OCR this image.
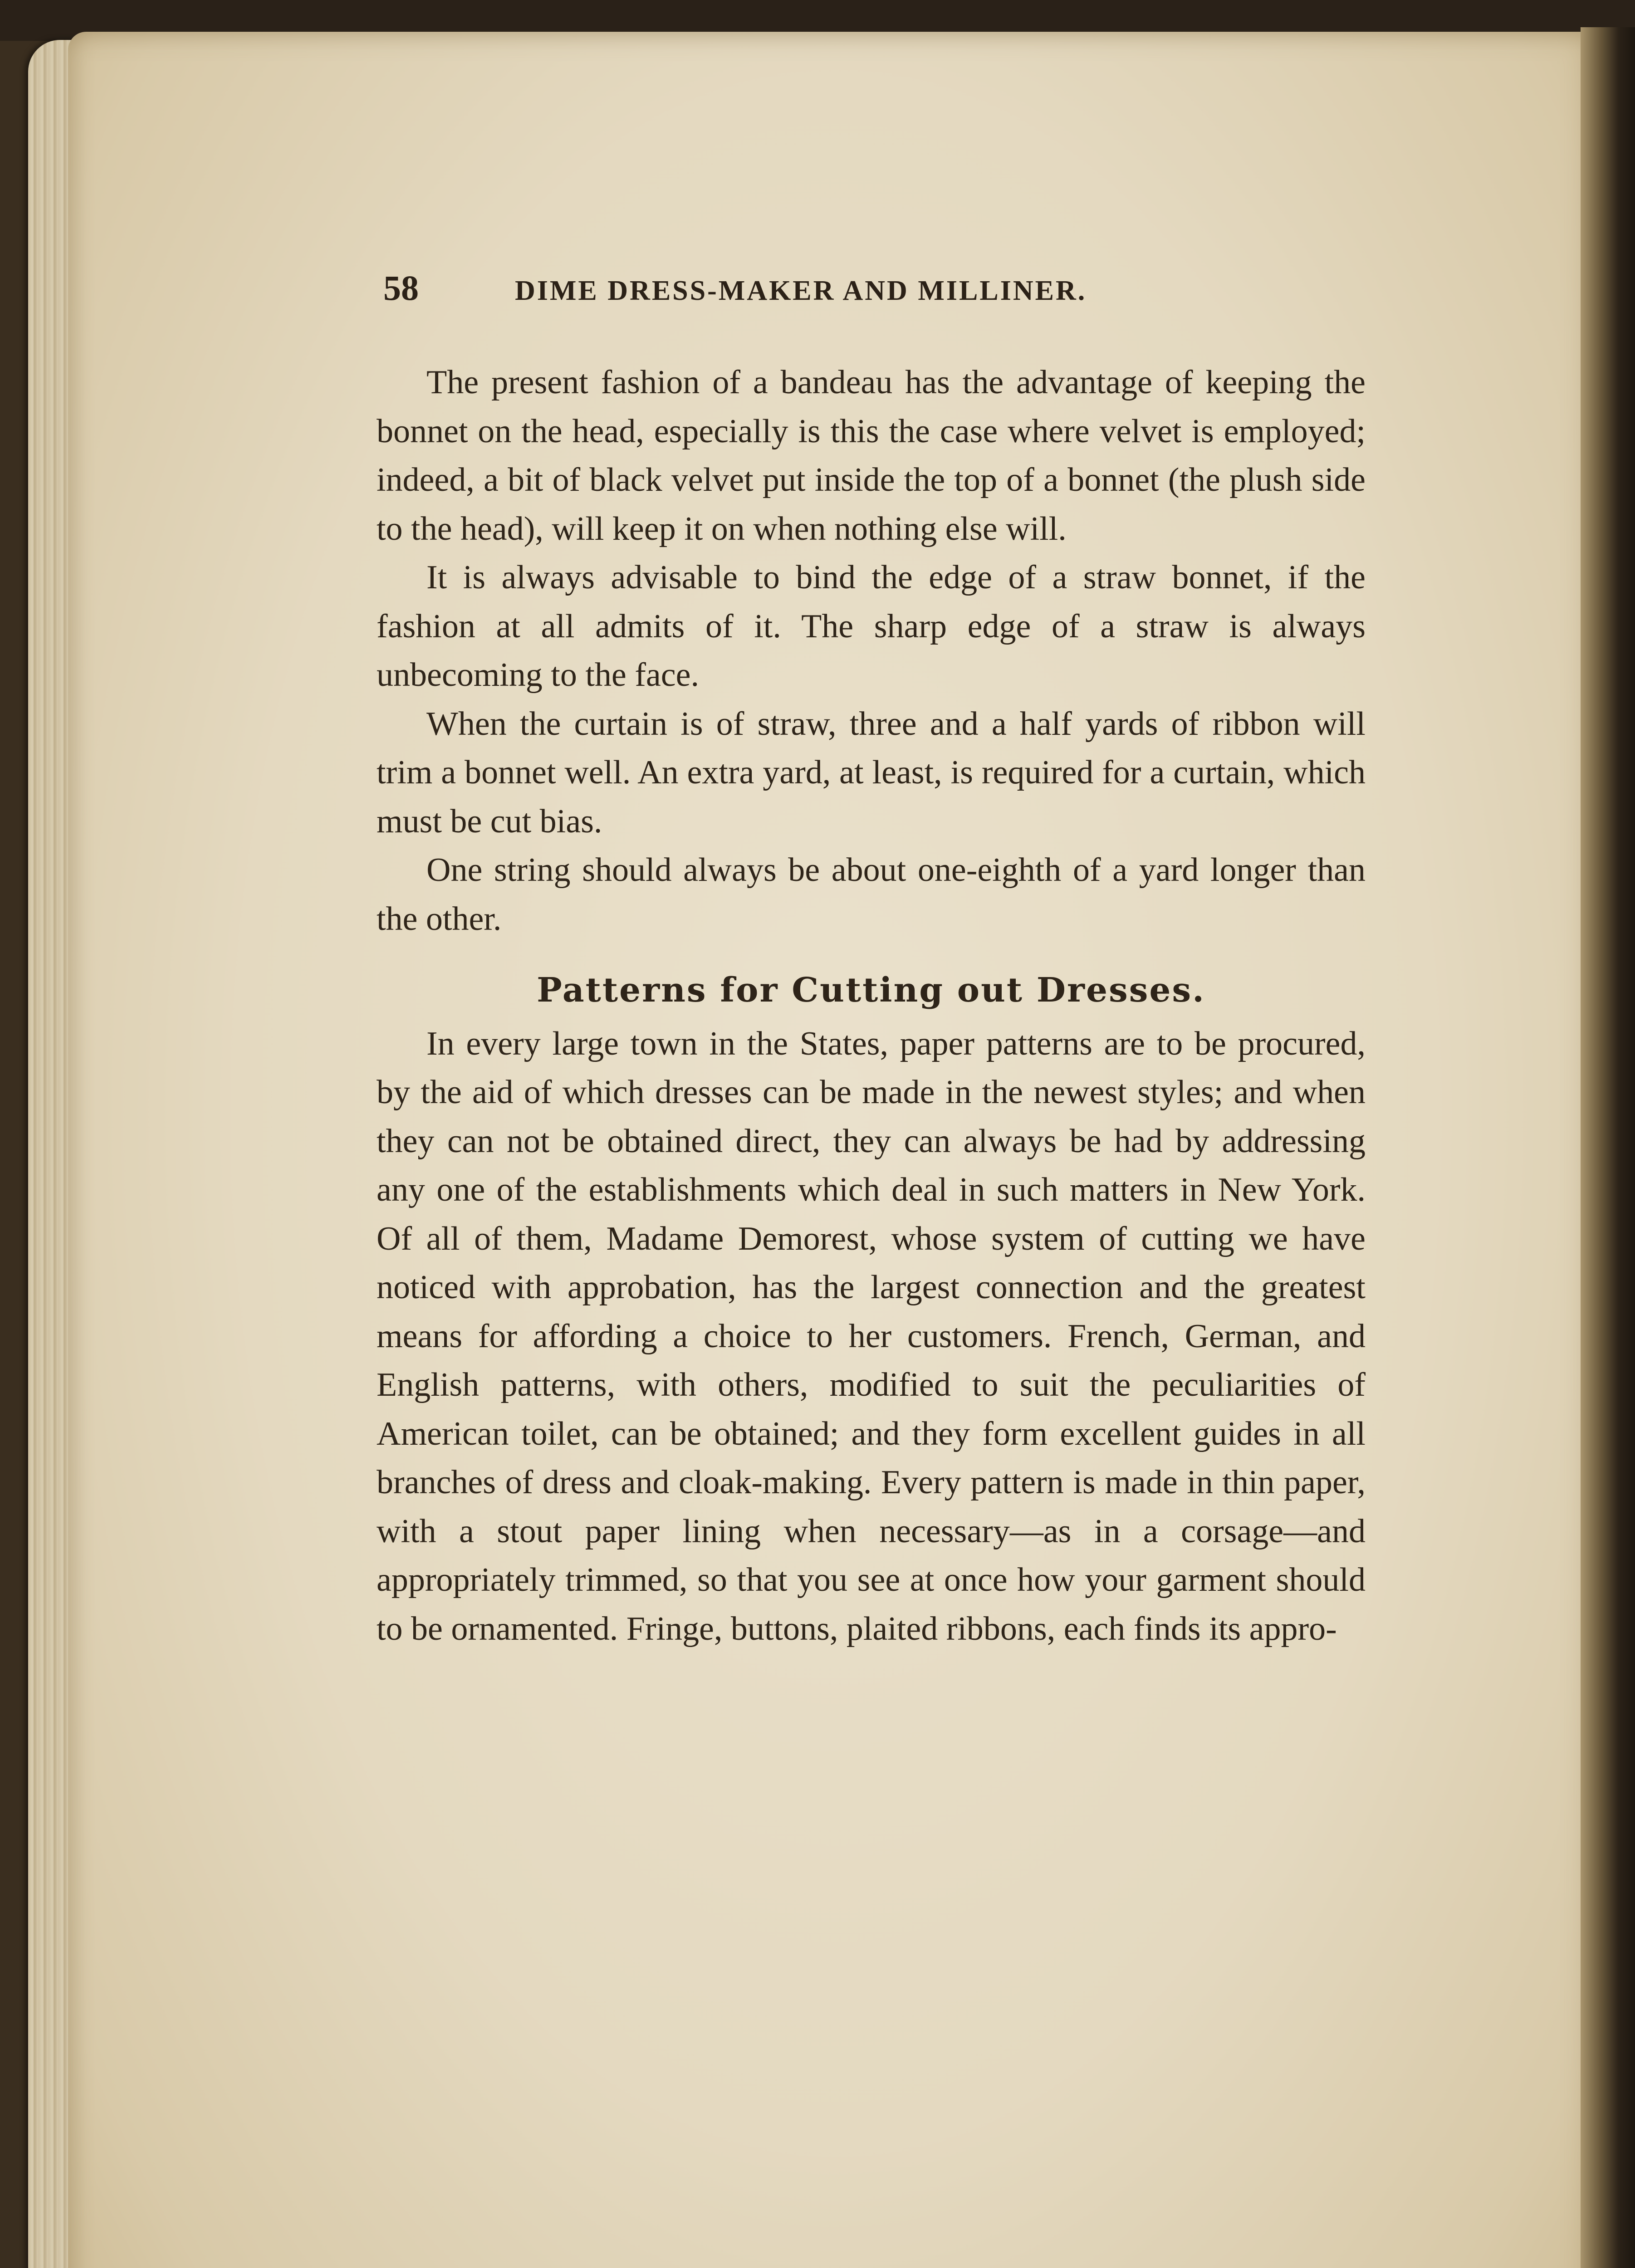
58	DIME DRESS-MAKER AND MILLINER.

The present fashion of a bandeau has the advantage of keeping the bonnet on the head, especially is this the case where velvet is employed; indeed, a bit of black velvet put inside the top of a bonnet (the plush side to the head), will keep it on when nothing else will.

It is always advisable to bind the edge of a straw bonnet, if the fashion at all admits of it. The sharp edge of a straw is always unbecoming to the face.

When the curtain is of straw, three and a half yards of ribbon will trim a bonnet well. An extra yard, at least, is required for a curtain, which must be cut bias.

One string should always be about one-eighth of a yard longer than the other.

Patterns for Cutting out Dresses.

In every large town in the States, paper patterns are to be procured, by the aid of which dresses can be made in the newest styles; and when they can not be obtained direct, they can always be had by addressing any one of the establishments which deal in such matters in New York. Of all of them, Madame Demorest, whose system of cutting we have noticed with approbation, has the largest connection and the greatest means for affording a choice to her customers. French, German, and English patterns, with others, modified to suit the peculiarities of American toilet, can be obtained; and they form excellent guides in all branches of dress and cloak-making. Every pattern is made in thin paper, with a stout paper lining when necessary—as in a corsage—and appropriately trimmed, so that you see at once how your garment should to be ornamented. Fringe, buttons, plaited ribbons, each finds its appro-
